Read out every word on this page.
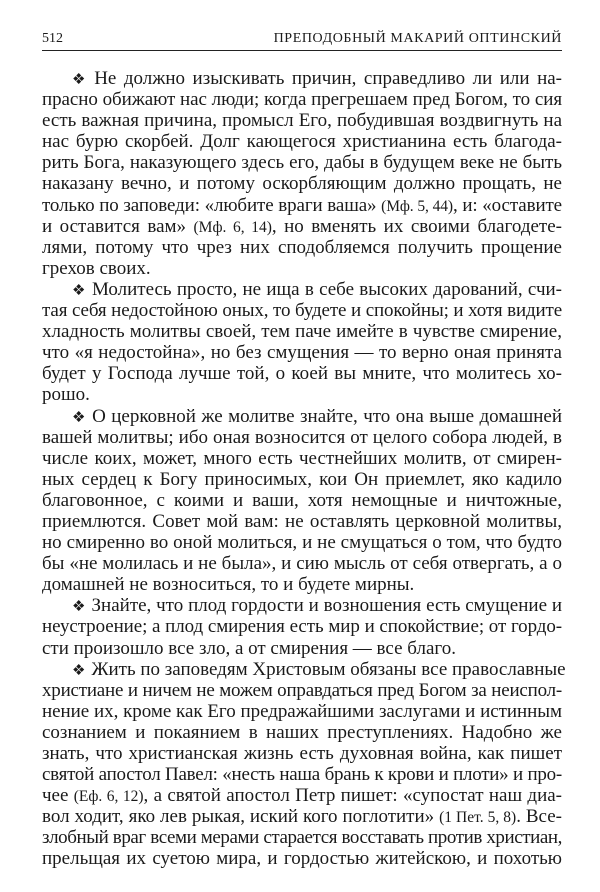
512	ПРЕПОДОБНЫЙ МАКАРИЙ ОПТИНСКИЙ
❖ Не должно изыскивать причин, справедливо ли или на-
прасно обижают нас люди; когда прегрешаем пред Богом, то сия
есть важная причина, промысл Его, побудившая воздвигнуть на
нас бурю скорбей. Долг кающегося христианина есть благода-
рить Бога, наказующего здесь его, дабы в будущем веке не быть
наказану вечно, и потому оскорбляющим должно прощать, не
только по заповеди: «любите враги ваша» (Мф. 5, 44), и: «оставите
и оставится вам» (Мф. 6, 14), но вменять их своими благодете-
лями, потому что чрез них сподобляемся получить прощение
грехов своих.
❖ Молитесь просто, не ища в себе высоких дарований, счи-
тая себя недостойною оных, то будете и спокойны; и хотя видите
хладность молитвы своей, тем паче имейте в чувстве смирение,
что «я недостойна», но без смущения — то верно оная принята
будет у Господа лучше той, о коей вы мните, что молитесь хо-
рошо.
❖ О церковной же молитве знайте, что она выше домашней
вашей молитвы; ибо оная возносится от целого собора людей, в
числе коих, может, много есть честнейших молитв, от смирен-
ных сердец к Богу приносимых, кои Он приемлет, яко кадило
благовонное, с коими и ваши, хотя немощные и ничтожные,
приемлются. Совет мой вам: не оставлять церковной молитвы,
но смиренно во оной молиться, и не смущаться о том, что будто
бы «не молилась и не была», и сию мысль от себя отвергать, а о
домашней не возноситься, то и будете мирны.
❖ Знайте, что плод гордости и возношения есть смущение и
неустроение; а плод смирения есть мир и спокойствие; от гордо-
сти произошло все зло, а от смирения — все благо.
❖ Жить по заповедям Христовым обязаны все православные
христиане и ничем не можем оправдаться пред Богом за неиспол-
нение их, кроме как Его предражайшими заслугами и истинным
сознанием и покаянием в наших преступлениях. Надобно же
знать, что христианская жизнь есть духовная война, как пишет
святой апостол Павел: «несть наша брань к крови и плоти» и про-
чее (Еф. 6, 12), а святой апостол Петр пишет: «супостат наш диа-
вол ходит, яко лев рыкая, иский кого поглотити» (1 Пет. 5, 8). Все-
злобный враг всеми мерами старается восставать против христиан,
прельщая их суетою мира, и гордостью житейскою, и похотью
